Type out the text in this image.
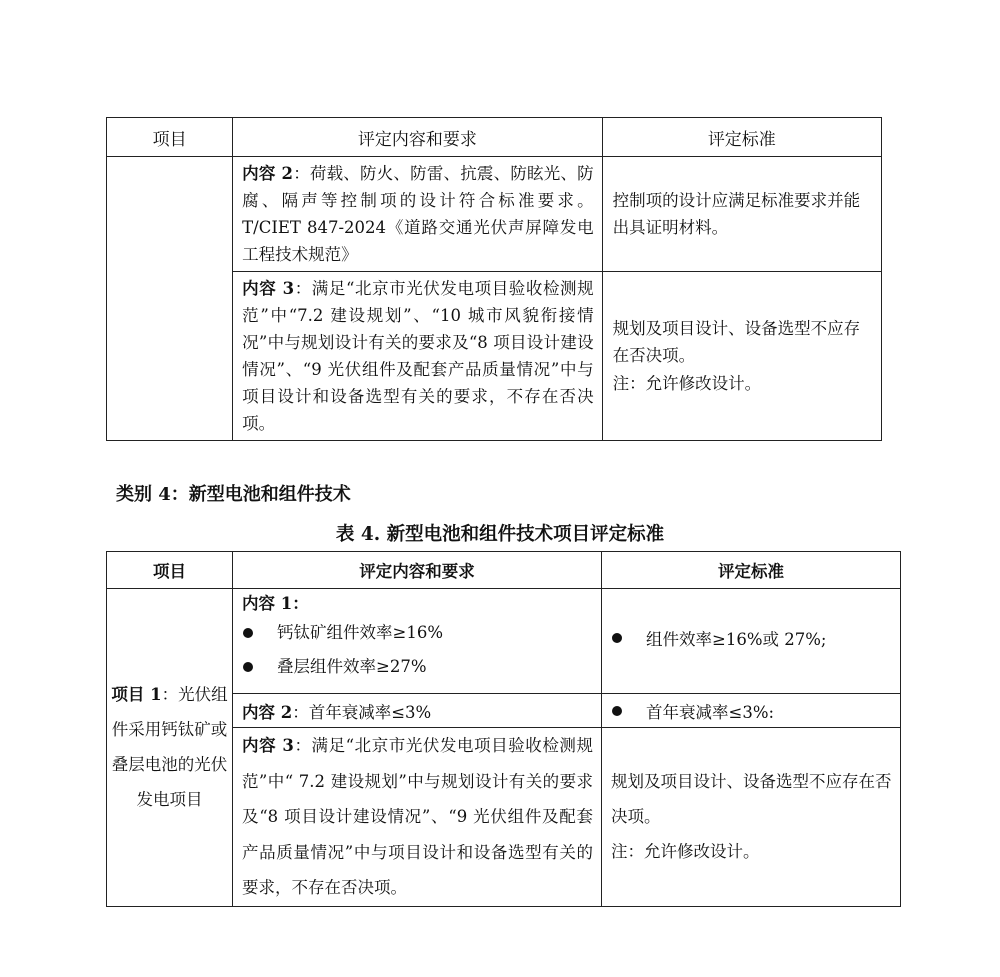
项目	评定内容和要求	评定标准
	内容 2：荷载、防火、防雷、抗震、防眩光、防腐、隔声等控制项的设计符合标准要求。T/CIET 847-2024《道路交通光伏声屏障发电工程技术规范》	控制项的设计应满足标准要求并能出具证明材料。
	内容 3：满足“北京市光伏发电项目验收检测规范”中“7.2 建设规划”、“10 城市风貌衔接情况”中与规划设计有关的要求及“8 项目设计建设情况”、“9 光伏组件及配套产品质量情况”中与项目设计和设备选型有关的要求，不存在否决项。	规划及项目设计、设备选型不应存在否决项。
注：允许修改设计。

类别 4：新型电池和组件技术

表 4. 新型电池和组件技术项目评定标准

项目	评定内容和要求	评定标准
项目 1：光伏组件采用钙钛矿或叠层电池的光伏发电项目	内容 1：
钙钛矿组件效率≥16%
叠层组件效率≥27%	组件效率≥16%或 27%;

	内容 2：首年衰减率≤3%	首年衰减率≤3%:

	内容 3：满足“北京市光伏发电项目验收检测规范”中“ 7.2 建设规划”中与规划设计有关的要求及“8 项目设计建设情况”、“9 光伏组件及配套产品质量情况”中与项目设计和设备选型有关的要求，不存在否决项。	规划及项目设计、设备选型不应存在否决项。
注：允许修改设计。
